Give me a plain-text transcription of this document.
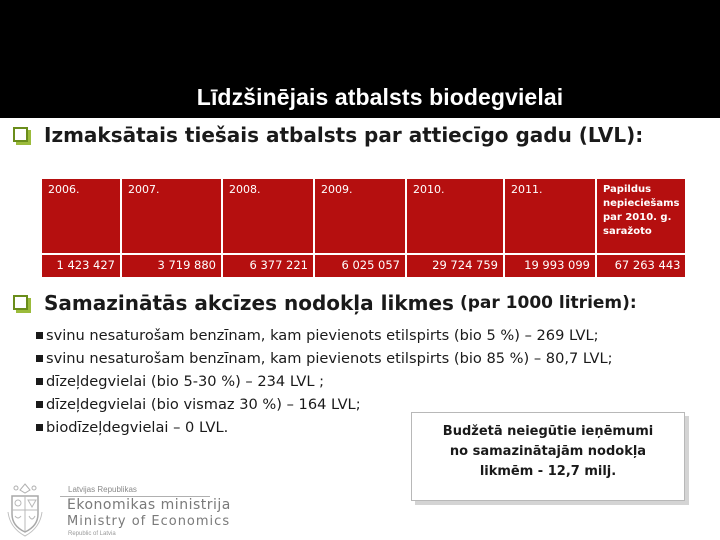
Līdzšinējais atbalsts biodegvielai
Izmaksātais tiešais atbalsts par attiecīgo gadu (LVL):
2006.	2007.	2008.	2009.	2010.	2011.	Papildus nepieciešams par 2010. g. saražoto
1 423 427	3 719 880	6 377 221	6 025 057	29 724 759	19 993 099	67 263 443
Samazinātās akcīzes nodokļa likmes (par 1000 litriem):
svinu nesaturošam benzīnam, kam pievienots etilspirts (bio 5 %) – 269 LVL;
svinu nesaturošam benzīnam, kam pievienots etilspirts (bio 85 %) – 80,7 LVL;
dīzeļdegvielai (bio 5-30 %) – 234 LVL ;
dīzeļdegvielai (bio vismaz 30 %) – 164 LVL;
biodīzeļdegvielai – 0 LVL.	Budžetā neiegūtie ieņēmumi
no samazinātajām nodokļa
likmēm - 12,7 milj.
Latvijas Republikas
Ekonomikas ministrija
Ministry of Economics
Republic of Latvia
